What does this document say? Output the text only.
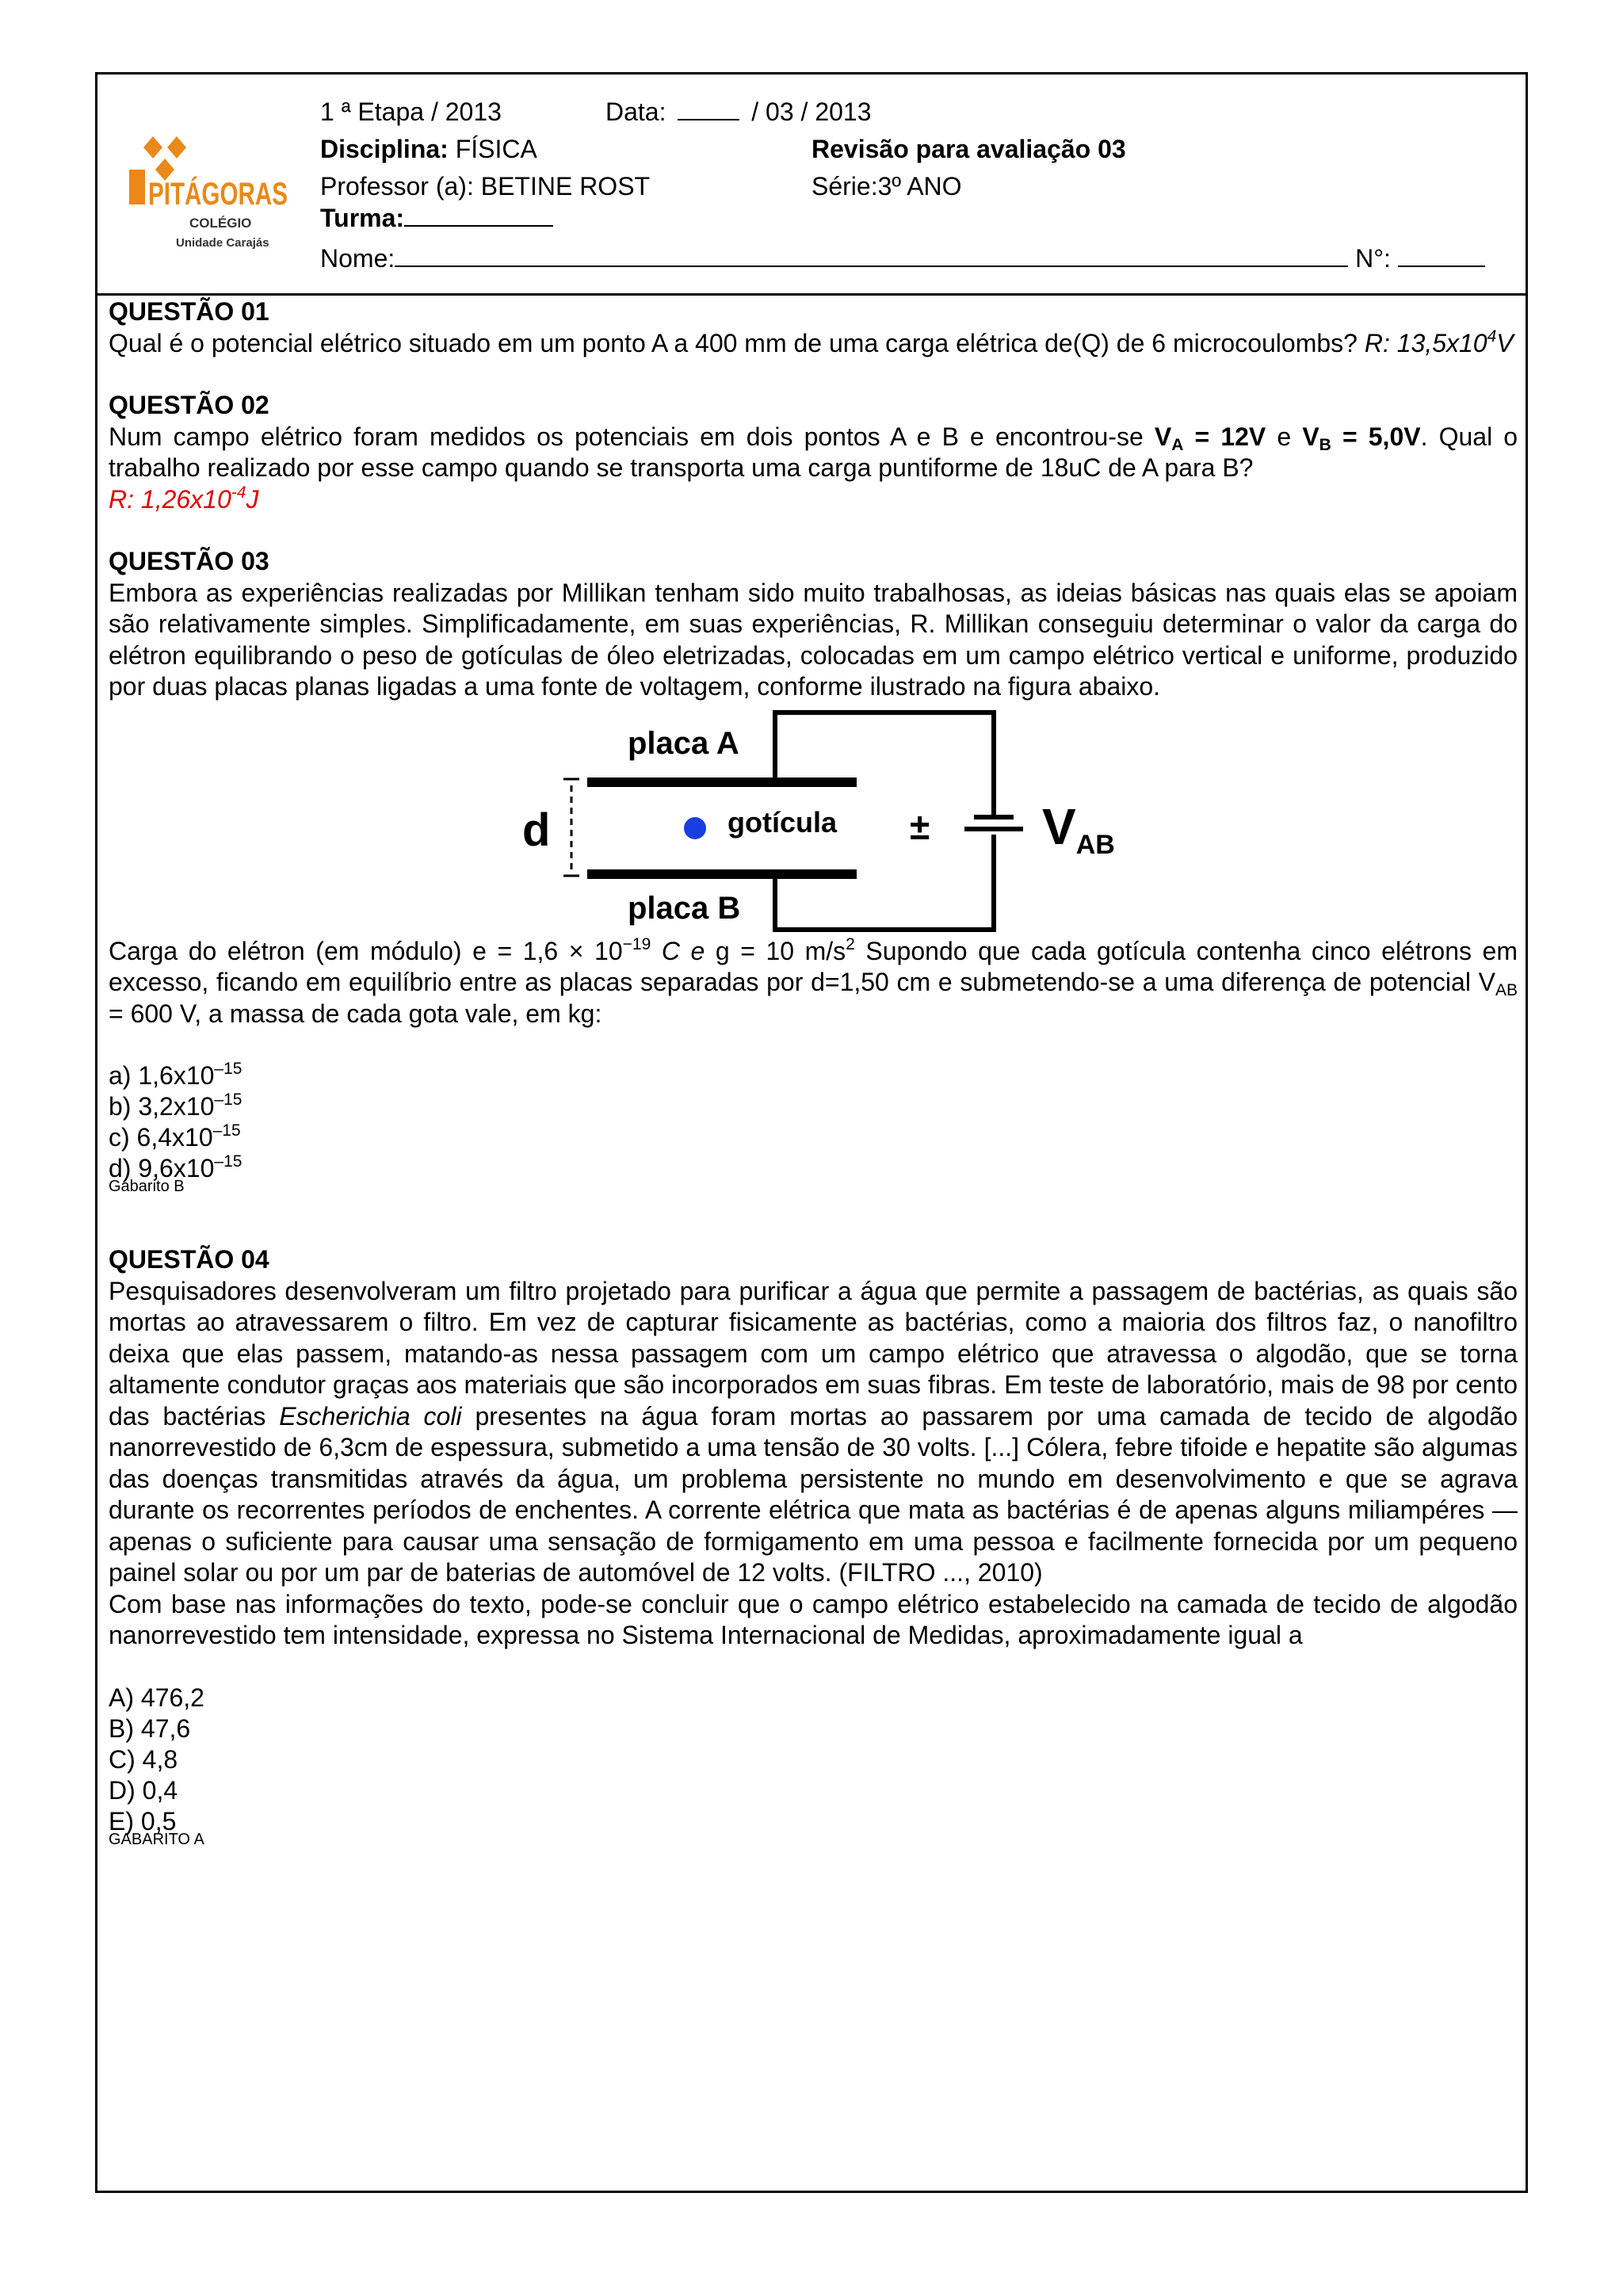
PITÁGORAS
COLÉGIO
Unidade Carajás
1 ª Etapa / 2013	Data:	/ 03 / 2013
Disciplina: FÍSICA	Revisão para avaliação 03
Professor (a): BETINE ROST	Série:3º ANO
Turma:
Nome:	N°:

QUESTÃO 01

Qual é o potencial elétrico situado em um ponto A a 400 mm de uma carga elétrica de(Q) de 6 microcoulombs? R: $13,5x10^4V$

QUESTÃO 02

Num campo elétrico foram medidos os potenciais em dois pontos A e B e encontrou-se $V_A = 12V$ e $V_B = 5,0V$. Qual o trabalho realizado por esse campo quando se transporta uma carga puntiforme de 18uC de A para B?

R: $1,26x10^{-4}J$

QUESTÃO 03

Embora as experiências realizadas por Millikan tenham sido muito trabalhosas, as ideias básicas nas quais elas se apoiam são relativamente simples. Simplificadamente, em suas experiências, R. Millikan conseguiu determinar o valor da carga do elétron equilibrando o peso de gotículas de óleo eletrizadas, colocadas em um campo elétrico vertical e uniforme, produzido por duas placas planas ligadas a uma fonte de voltagem, conforme ilustrado na figura abaixo.

d
placa A
placa B
gotícula ± VAB

Carga do elétron (em módulo) $e = 1,6 \times 10^{-19}$ C e g = 10 $m/s^2$ Supondo que cada gotícula contenha cinco elétrons em excesso, ficando em equilíbrio entre as placas separadas por d=1,50 cm e submetendo-se a uma diferença de potencial $V_{AB} = 600$ V, a massa de cada gota vale, em kg:

a) $1,6x10^{-15}$

b) $3,2x10^{-15}$

c) $6,4x10^{-15}$

d) $9,6x10^{-15}$

Gabarito B

QUESTÃO 04

Pesquisadores desenvolveram um filtro projetado para purificar a água que permite a passagem de bactérias, as quais são mortas ao atravessarem o filtro. Em vez de capturar fisicamente as bactérias, como a maioria dos filtros faz, o nanofiltro deixa que elas passem, matando-as nessa passagem com um campo elétrico que atravessa o algodão, que se torna altamente condutor graças aos materiais que são incorporados em suas fibras. Em teste de laboratório, mais de 98 por cento das bactérias Escherichia coli presentes na água foram mortas ao passarem por uma camada de tecido de algodão nanorrevestido de 6,3cm de espessura, submetido a uma tensão de 30 volts. [...] Cólera, febre tifoide e hepatite são algumas das doenças transmitidas através da água, um problema persistente no mundo em desenvolvimento e que se agrava durante os recorrentes períodos de enchentes. A corrente elétrica que mata as bactérias é de apenas alguns miliampéres — apenas o suficiente para causar uma sensação de formigamento em uma pessoa e facilmente fornecida por um pequeno painel solar ou por um par de baterias de automóvel de 12 volts. (FILTRO ..., 2010)

Com base nas informações do texto, pode-se concluir que o campo elétrico estabelecido na camada de tecido de algodão nanorrevestido tem intensidade, expressa no Sistema Internacional de Medidas, aproximadamente igual a

A) 476,2

B) 47,6

C) 4,8

D) 0,4

E) 0,5

GABARITO A
